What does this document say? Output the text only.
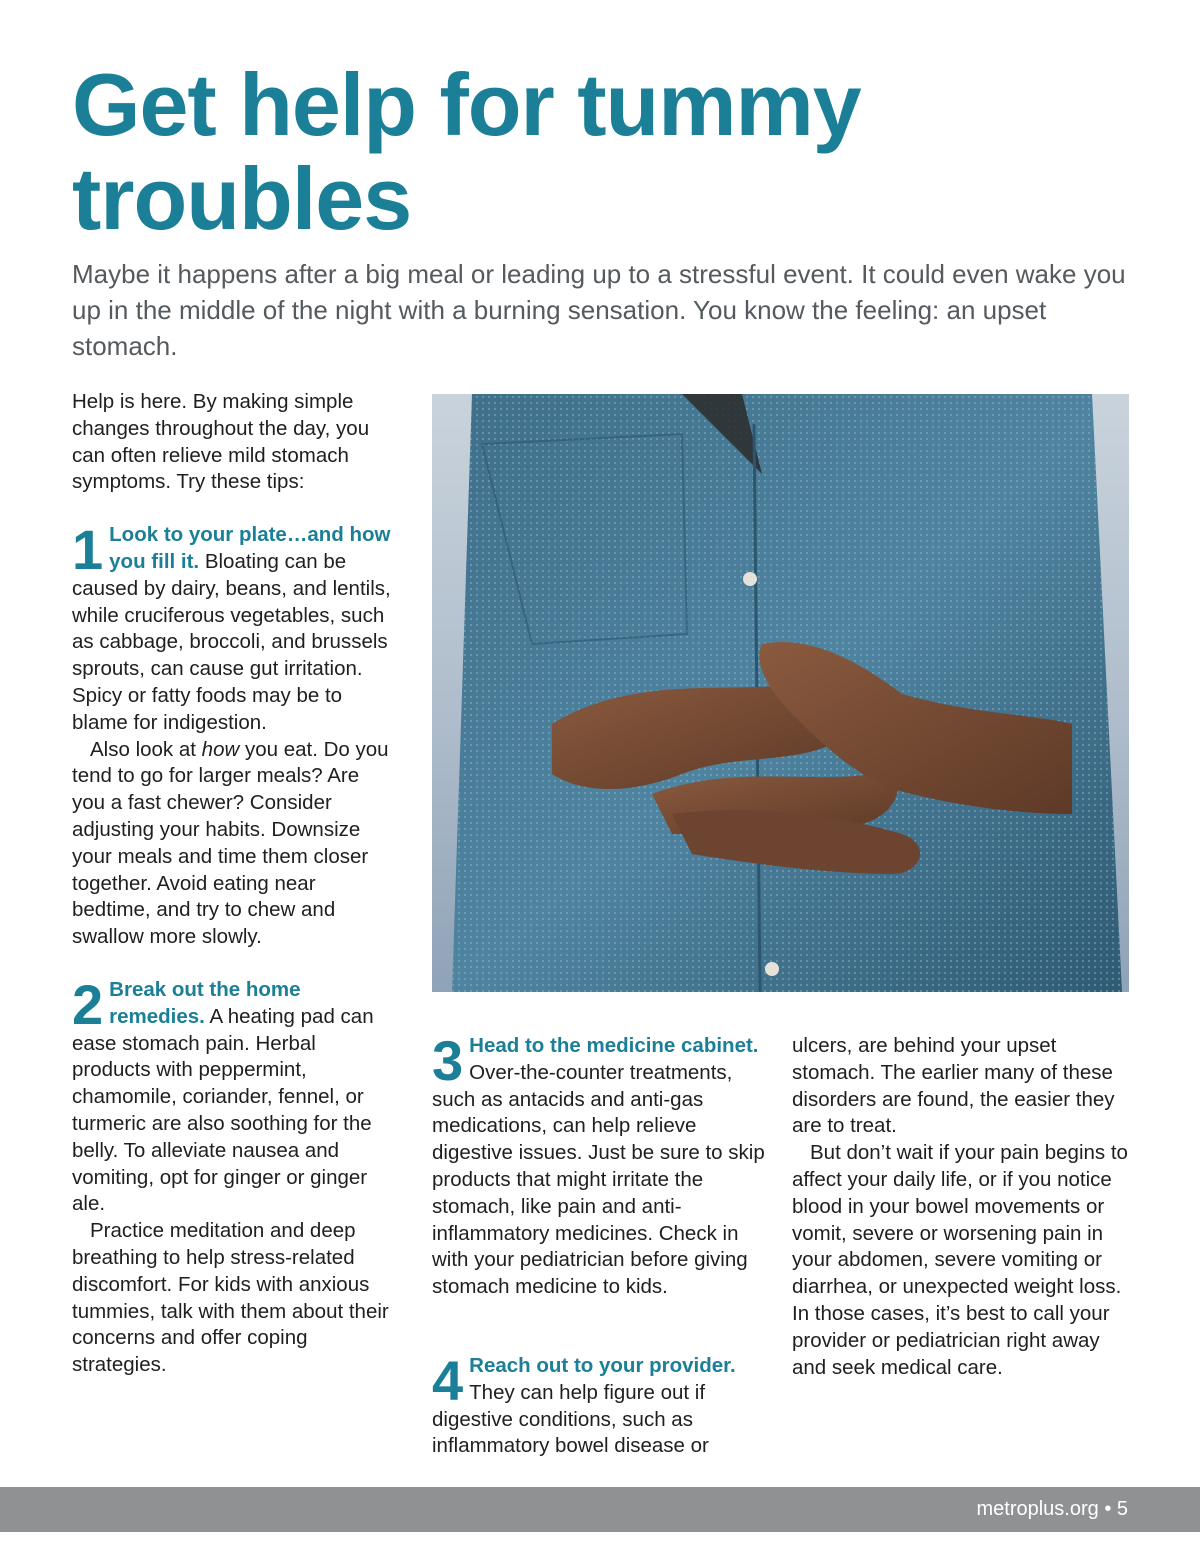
Get help for tummy troubles

Maybe it happens after a big meal or leading up to a stressful event. It could even wake you up in the middle of the night with a burning sensation. You know the feeling: an upset stomach.

Help is here. By making simple changes throughout the day, you can often relieve mild stomach symptoms. Try these tips:

1 Look to your plate…and how you fill it. Bloating can be caused by dairy, beans, and lentils, while cruciferous vegetables, such as cabbage, broccoli, and brussels sprouts, can cause gut irritation. Spicy or fatty foods may be to blame for indigestion.

Also look at how you eat. Do you tend to go for larger meals? Are you a fast chewer? Consider adjusting your habits. Downsize your meals and time them closer together. Avoid eating near bedtime, and try to chew and swallow more slowly.

2 Break out the home remedies. A heating pad can ease stomach pain. Herbal products with peppermint, chamomile, coriander, fennel, or turmeric are also soothing for the belly. To alleviate nausea and vomiting, opt for ginger or ginger ale.

Practice meditation and deep breathing to help stress-related discomfort. For kids with anxious tummies, talk with them about their concerns and offer coping strategies.

3 Head to the medicine cabinet. Over-the-counter treatments, such as antacids and anti-gas medications, can help relieve digestive issues. Just be sure to skip products that might irritate the stomach, like pain and anti-inflammatory medicines. Check in with your pediatrician before giving stomach medicine to kids.

4 Reach out to your provider. They can help figure out if digestive conditions, such as inflammatory bowel disease or

ulcers, are behind your upset stomach. The earlier many of these disorders are found, the easier they are to treat.

But don’t wait if your pain begins to affect your daily life, or if you notice blood in your bowel movements or vomit, severe or worsening pain in your abdomen, severe vomiting or diarrhea, or unexpected weight loss. In those cases, it’s best to call your provider or pediatrician right away and seek medical care.

metroplus.org • 5
